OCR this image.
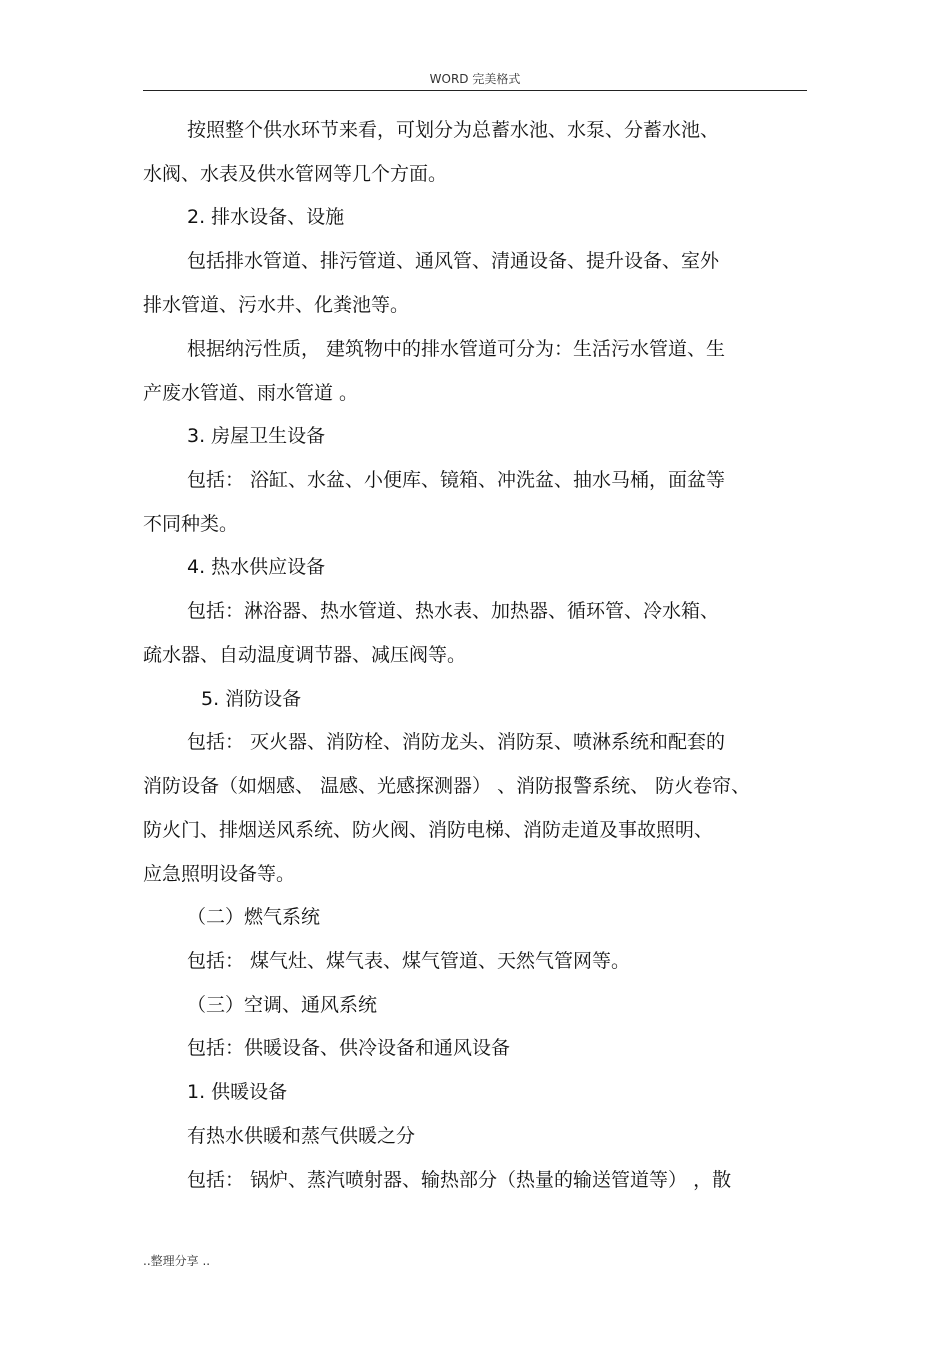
WORD 完美格式
按照整个供水环节来看，可划分为总蓄水池、水泵、分蓄水池、
水阀、水表及供水管网等几个方面。
2. 排水设备、设施
包括排水管道、排污管道、通风管、清通设备、提升设备、室外
排水管道、污水井、化粪池等。
根据纳污性质， 建筑物中的排水管道可分为：生活污水管道、生
产废水管道、雨水管道 。
3. 房屋卫生设备
包括： 浴缸、水盆、小便库、镜箱、冲洗盆、抽水马桶，面盆等
不同种类。
4. 热水供应设备
包括：淋浴器、热水管道、热水表、加热器、循环管、冷水箱、
疏水器、自动温度调节器、减压阀等。
5. 消防设备
包括： 灭火器、消防栓、消防龙头、消防泵、喷淋系统和配套的
消防设备（如烟感、 温感、光感探测器） 、消防报警系统、 防火卷帘、
防火门、排烟送风系统、防火阀、消防电梯、消防走道及事故照明、
应急照明设备等。
（二）燃气系统
包括： 煤气灶、煤气表、煤气管道、天然气管网等。
（三）空调、通风系统
包括：供暖设备、供冷设备和通风设备
1. 供暖设备
有热水供暖和蒸气供暖之分
包括： 锅炉、蒸汽喷射器、输热部分（热量的输送管道等） ，散
..整理分享 ..
